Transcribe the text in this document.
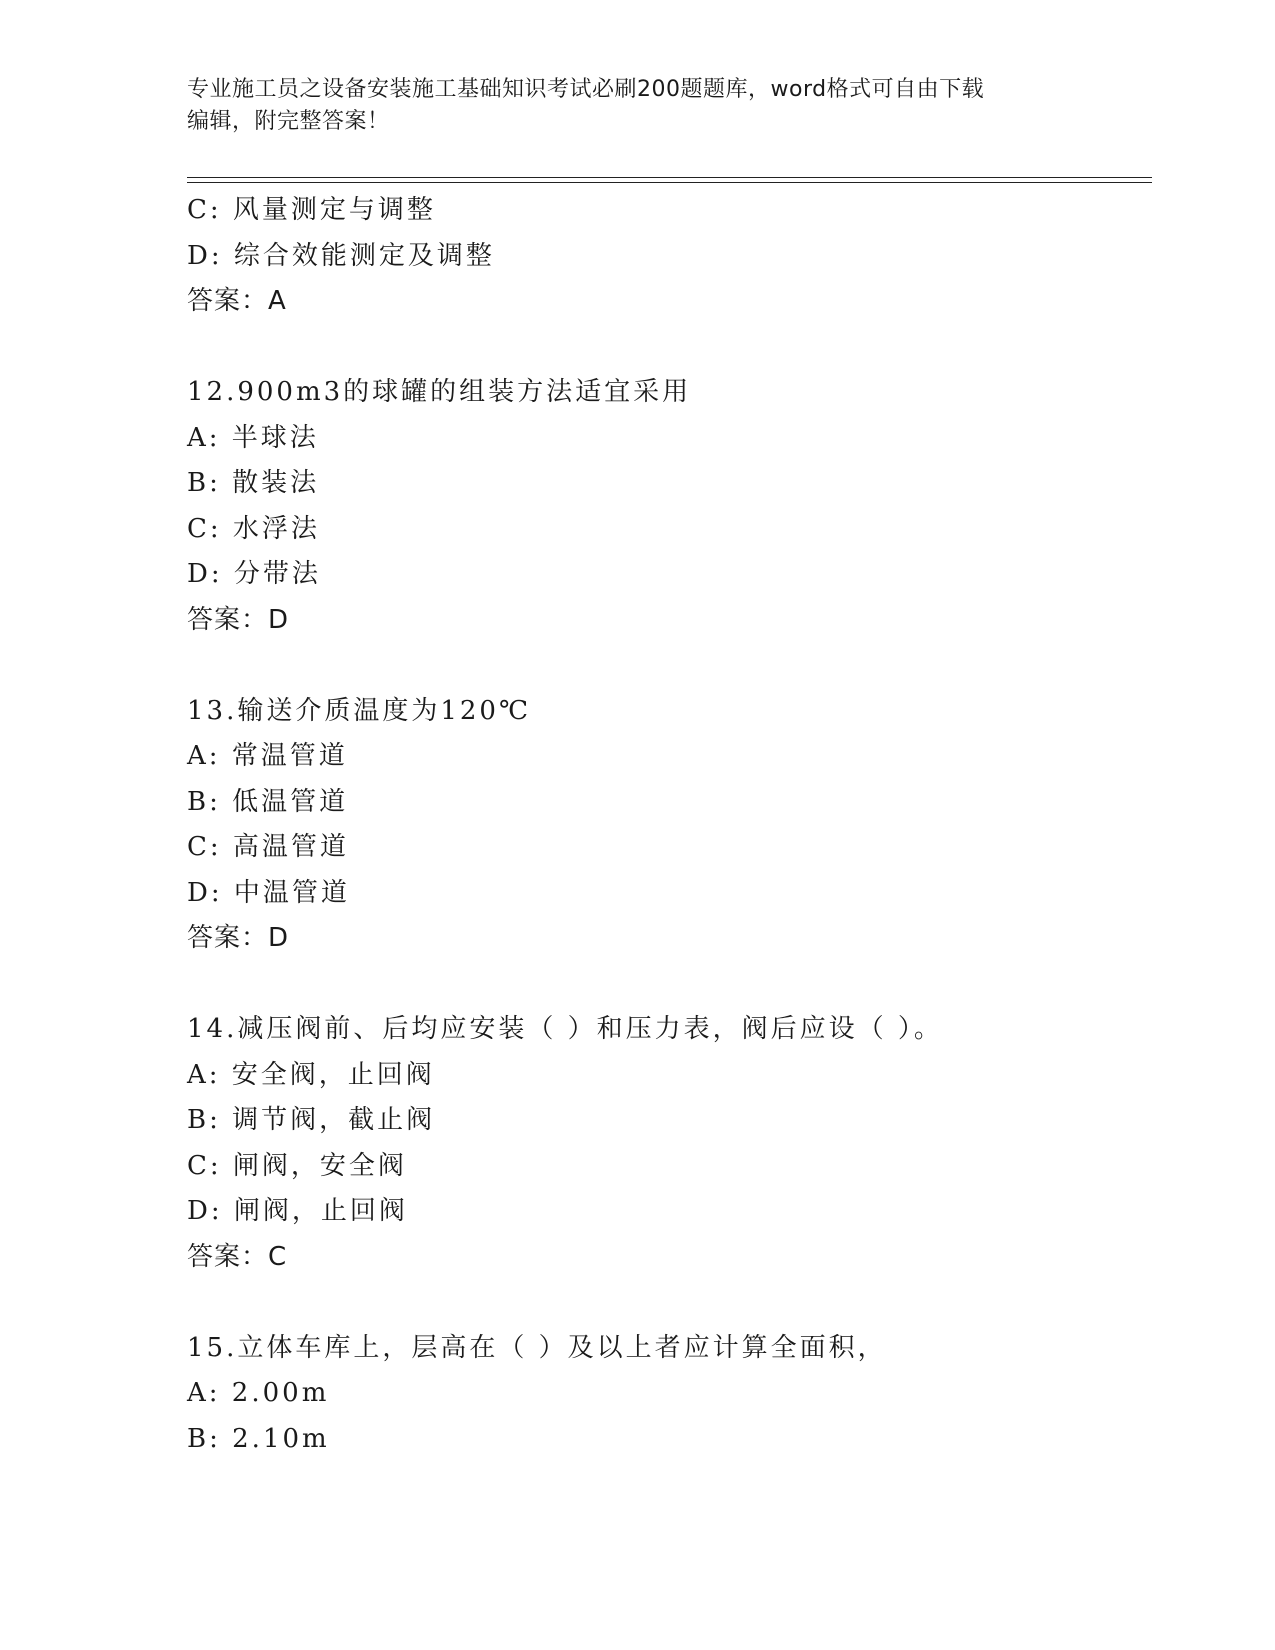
专业施工员之设备安装施工基础知识考试必刷200题题库，word格式可自由下载
编辑，附完整答案！
C: 风量测定与调整
D: 综合效能测定及调整
答案：A
12.900m3的球罐的组装方法适宜采用
A: 半球法
B: 散装法
C: 水浮法
D: 分带法
答案：D
13.输送介质温度为120℃
A: 常温管道
B: 低温管道
C: 高温管道
D: 中温管道
答案：D
14.减压阀前、后均应安装（ ）和压力表，阀后应设（ ）。
A: 安全阀，止回阀
B: 调节阀，截止阀
C: 闸阀，安全阀
D: 闸阀，止回阀
答案：C
15.立体车库上，层高在（ ）及以上者应计算全面积，
A: 2.00m
B: 2.10m
